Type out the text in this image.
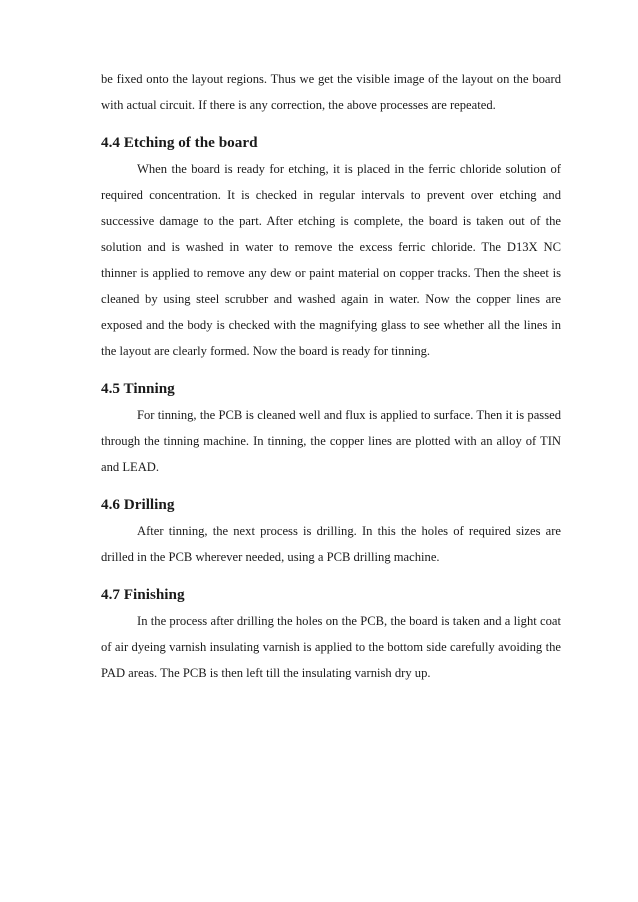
be fixed onto the layout regions. Thus we get the visible image of the layout on the board with actual circuit. If there is any correction, the above processes are repeated.

4.4 Etching of the board

When the board is ready for etching, it is placed in the ferric chloride solution of required concentration. It is checked in regular intervals to prevent over etching and successive damage to the part. After etching is complete, the board is taken out of the solution and is washed in water to remove the excess ferric chloride. The D13X NC thinner is applied to remove any dew or paint material on copper tracks. Then the sheet is cleaned by using steel scrubber and washed again in water. Now the copper lines are exposed and the body is checked with the magnifying glass to see whether all the lines in the layout are clearly formed. Now the board is ready for tinning.

4.5 Tinning

For tinning, the PCB is cleaned well and flux is applied to surface. Then it is passed through the tinning machine. In tinning, the copper lines are plotted with an alloy of TIN and LEAD.

4.6 Drilling

After tinning, the next process is drilling. In this the holes of required sizes are drilled in the PCB wherever needed, using a PCB drilling machine.

4.7 Finishing

In the process after drilling the holes on the PCB, the board is taken and a light coat of air dyeing varnish insulating varnish is applied to the bottom side carefully avoiding the PAD areas. The PCB is then left till the insulating varnish dry up.
